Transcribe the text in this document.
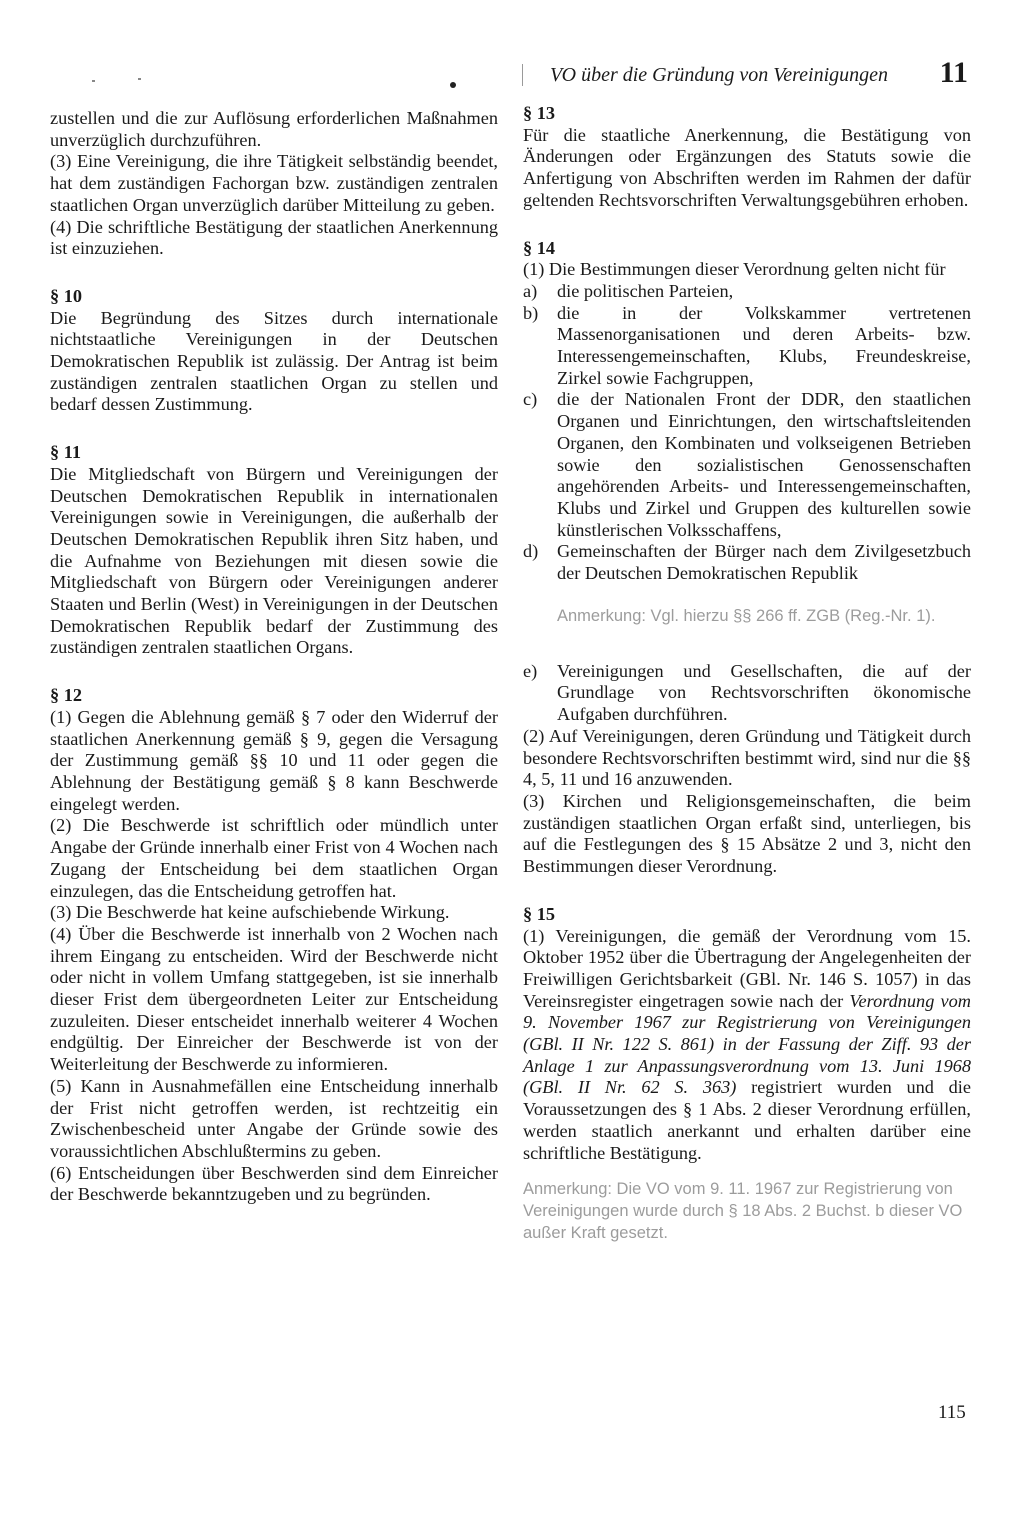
VO über die Gründung von Vereinigungen 11

zustellen und die zur Auflösung erforderlichen Maßnahmen unverzüglich durchzuführen.

(3) Eine Vereinigung, die ihre Tätigkeit selbständig beendet, hat dem zuständigen Fachorgan bzw. zuständigen zentralen staatlichen Organ unverzüglich darüber Mitteilung zu geben.

(4) Die schriftliche Bestätigung der staatlichen Anerkennung ist einzuziehen.

§ 10

Die Begründung des Sitzes durch internationale nichtstaatliche Vereinigungen in der Deutschen Demokratischen Republik ist zulässig. Der Antrag ist beim zuständigen zentralen staatlichen Organ zu stellen und bedarf dessen Zustimmung.

§ 11

Die Mitgliedschaft von Bürgern und Vereinigungen der Deutschen Demokratischen Republik in internationalen Vereinigungen sowie in Vereinigungen, die außerhalb der Deutschen Demokratischen Republik ihren Sitz haben, und die Aufnahme von Beziehungen mit diesen sowie die Mitgliedschaft von Bürgern oder Vereinigungen anderer Staaten und Berlin (West) in Vereinigungen in der Deutschen Demokratischen Republik bedarf der Zustimmung des zuständigen zentralen staatlichen Organs.

§ 12

(1) Gegen die Ablehnung gemäß § 7 oder den Widerruf der staatlichen Anerkennung gemäß § 9, gegen die Versagung der Zustimmung gemäß §§ 10 und 11 oder gegen die Ablehnung der Bestätigung gemäß § 8 kann Beschwerde eingelegt werden.

(2) Die Beschwerde ist schriftlich oder mündlich unter Angabe der Gründe innerhalb einer Frist von 4 Wochen nach Zugang der Entscheidung bei dem staatlichen Organ einzulegen, das die Entscheidung getroffen hat.

(3) Die Beschwerde hat keine aufschiebende Wirkung.

(4) Über die Beschwerde ist innerhalb von 2 Wochen nach ihrem Eingang zu entscheiden. Wird der Beschwerde nicht oder nicht in vollem Umfang stattgegeben, ist sie innerhalb dieser Frist dem übergeordneten Leiter zur Entscheidung zuzuleiten. Dieser entscheidet innerhalb weiterer 4 Wochen endgültig. Der Einreicher der Beschwerde ist von der Weiterleitung der Beschwerde zu informieren.

(5) Kann in Ausnahmefällen eine Entscheidung innerhalb der Frist nicht getroffen werden, ist rechtzeitig ein Zwischenbescheid unter Angabe der Gründe sowie des voraussichtlichen Abschlußtermins zu geben.

(6) Entscheidungen über Beschwerden sind dem Einreicher der Beschwerde bekanntzugeben und zu begründen.

§ 13

Für die staatliche Anerkennung, die Bestätigung von Änderungen oder Ergänzungen des Statuts sowie die Anfertigung von Abschriften werden im Rahmen der dafür geltenden Rechtsvorschriften Verwaltungsgebühren erhoben.

§ 14

(1) Die Bestimmungen dieser Verordnung gelten nicht für

a) die politischen Parteien,
b) die in der Volkskammer vertretenen Massenorganisationen und deren Arbeits- bzw. Interessengemeinschaften, Klubs, Freundeskreise, Zirkel sowie Fachgruppen,
c) die der Nationalen Front der DDR, den staatlichen Organen und Einrichtungen, den wirtschaftsleitenden Organen, den Kombinaten und volkseigenen Betrieben sowie den sozialistischen Genossenschaften angehörenden Arbeits- und Interessengemeinschaften, Klubs und Zirkel und Gruppen des kulturellen sowie künstlerischen Volksschaffens,
d) Gemeinschaften der Bürger nach dem Zivilgesetzbuch der Deutschen Demokratischen Republik

Anmerkung: Vgl. hierzu §§ 266 ff. ZGB (Reg.-Nr. 1).

e) Vereinigungen und Gesellschaften, die auf der Grundlage von Rechtsvorschriften ökonomische Aufgaben durchführen.

(2) Auf Vereinigungen, deren Gründung und Tätigkeit durch besondere Rechtsvorschriften bestimmt wird, sind nur die §§ 4, 5, 11 und 16 anzuwenden.

(3) Kirchen und Religionsgemeinschaften, die beim zuständigen staatlichen Organ erfaßt sind, unterliegen, bis auf die Festlegungen des § 15 Absätze 2 und 3, nicht den Bestimmungen dieser Verordnung.

§ 15

(1) Vereinigungen, die gemäß der Verordnung vom 15. Oktober 1952 über die Übertragung der Angelegenheiten der Freiwilligen Gerichtsbarkeit (GBl. Nr. 146 S. 1057) in das Vereinsregister eingetragen sowie nach der Verordnung vom 9. November 1967 zur Registrierung von Vereinigungen (GBl. II Nr. 122 S. 861) in der Fassung der Ziff. 93 der Anlage 1 zur Anpassungsverordnung vom 13. Juni 1968 (GBl. II Nr. 62 S. 363) registriert wurden und die Voraussetzungen des § 1 Abs. 2 dieser Verordnung erfüllen, werden staatlich anerkannt und erhalten darüber eine schriftliche Bestätigung.

Anmerkung: Die VO vom 9. 11. 1967 zur Registrierung von Vereinigungen wurde durch § 18 Abs. 2 Buchst. b dieser VO außer Kraft gesetzt.

115
